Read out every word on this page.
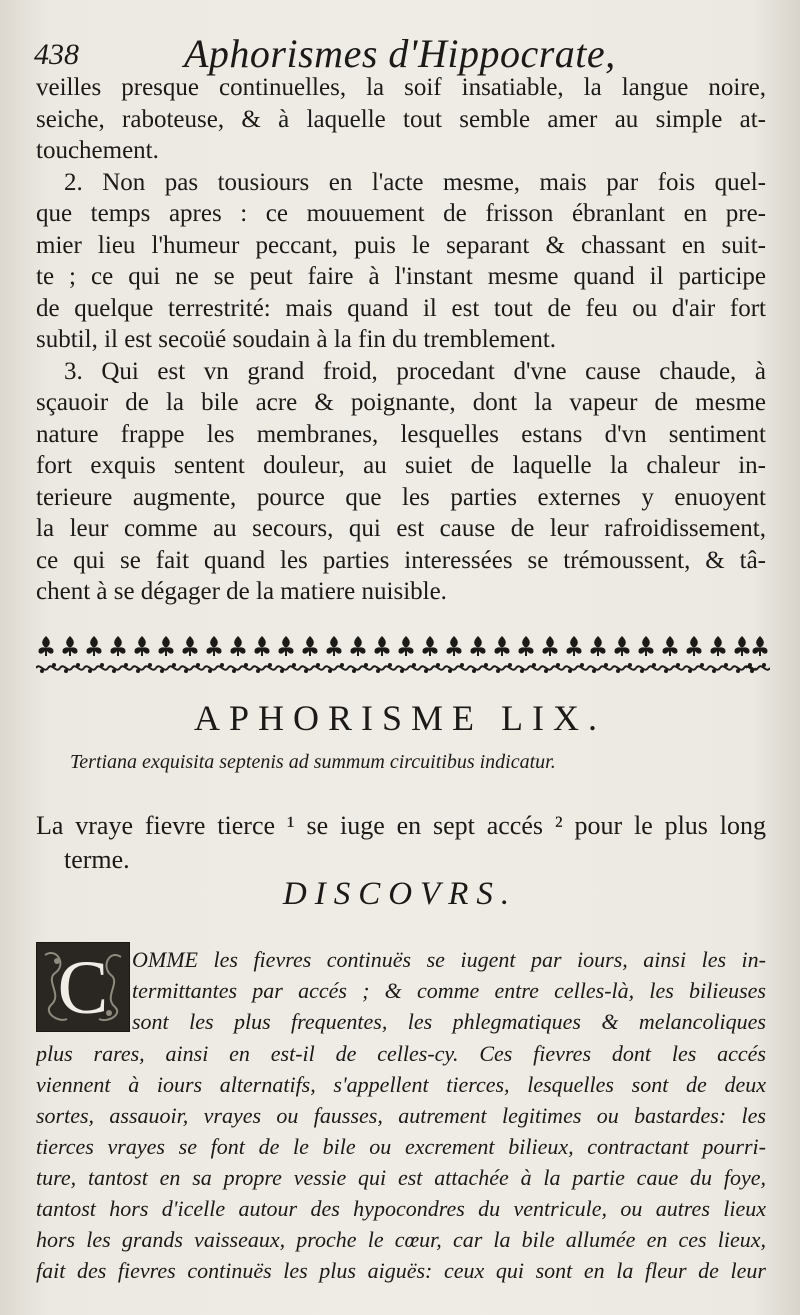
438	Aphorismes d'Hippocrate,
veilles presque continuelles, la soif insatiable, la langue noire,
seiche, raboteuse, & à laquelle tout semble amer au simple at-
touchement.
2. Non pas tousiours en l'acte mesme, mais par fois quel-
que temps apres : ce mouuement de frisson ébranlant en pre-
mier lieu l'humeur peccant, puis le separant & chassant en suit-
te ; ce qui ne se peut faire à l'instant mesme quand il participe
de quelque terrestrité: mais quand il est tout de feu ou d'air fort
subtil, il est secoüé soudain à la fin du tremblement.
3. Qui est vn grand froid, procedant d'vne cause chaude, à
sçauoir de la bile acre & poignante, dont la vapeur de mesme
nature frappe les membranes, lesquelles estans d'vn sentiment
fort exquis sentent douleur, au suiet de laquelle la chaleur in-
terieure augmente, pource que les parties externes y enuoyent
la leur comme au secours, qui est cause de leur rafroidissement,
ce qui se fait quand les parties interessées se trémoussent, & tâ-
chent à se dégager de la matiere nuisible.
APHORISME LIX.
Tertiana exquisita septenis ad summum circuitibus indicatur.
La vraye fievre tierce ¹ se iuge en sept accés ² pour le plus long
terme.
DISCOVRS.
C OMME les fievres continuës se iugent par iours, ainsi les in-
termittantes par accés ; & comme entre celles-là, les bilieuses
sont les plus frequentes, les phlegmatiques & melancoliques
plus rares, ainsi en est-il de celles-cy. Ces fievres dont les accés
viennent à iours alternatifs, s'appellent tierces, lesquelles sont de deux
sortes, assauoir, vrayes ou fausses, autrement legitimes ou bastardes: les
tierces vrayes se font de le bile ou excrement bilieux, contractant pourri-
ture, tantost en sa propre vessie qui est attachée à la partie caue du foye,
tantost hors d'icelle autour des hypocondres du ventricule, ou autres lieux
hors les grands vaisseaux, proche le cœur, car la bile allumée en ces lieux,
fait des fievres continuës les plus aiguës: ceux qui sont en la fleur de leur
